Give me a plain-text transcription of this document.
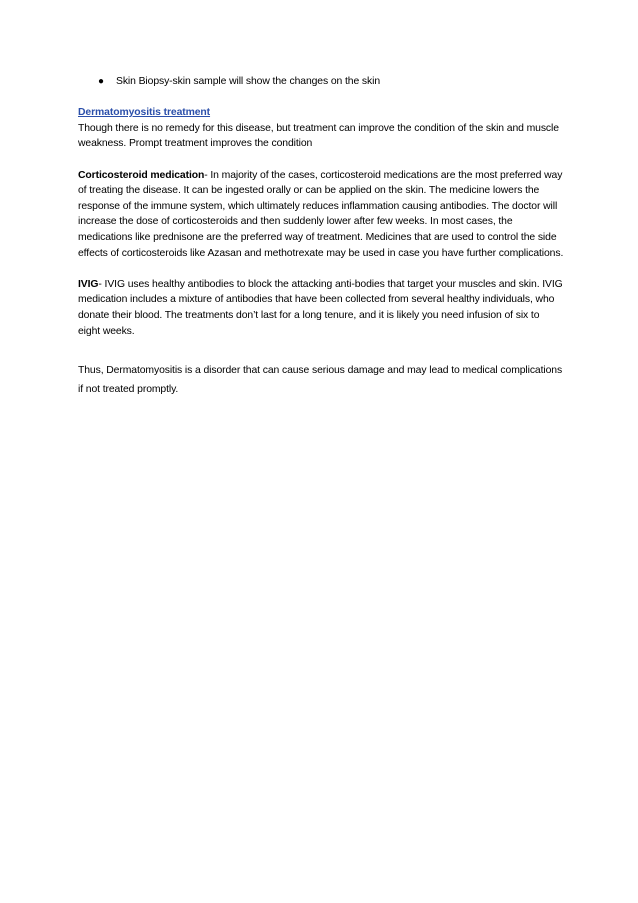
● Skin Biopsy-skin sample will show the changes on the skin
Dermatomyositis treatment

Though there is no remedy for this disease, but treatment can improve the condition of the skin and muscle weakness. Prompt treatment improves the condition

Corticosteroid medication- In majority of the cases, corticosteroid medications are the most preferred way of treating the disease. It can be ingested orally or can be applied on the skin. The medicine lowers the response of the immune system, which ultimately reduces inflammation causing antibodies. The doctor will increase the dose of corticosteroids and then suddenly lower after few weeks. In most cases, the medications like prednisone are the preferred way of treatment. Medicines that are used to control the side effects of corticosteroids like Azasan and methotrexate may be used in case you have further complications.

IVIG- IVIG uses healthy antibodies to block the attacking anti-bodies that target your muscles and skin. IVIG medication includes a mixture of antibodies that have been collected from several healthy individuals, who donate their blood. The treatments don’t last for a long tenure, and it is likely you need infusion of six to eight weeks.

Thus, Dermatomyositis is a disorder that can cause serious damage and may lead to medical complications if not treated promptly.
